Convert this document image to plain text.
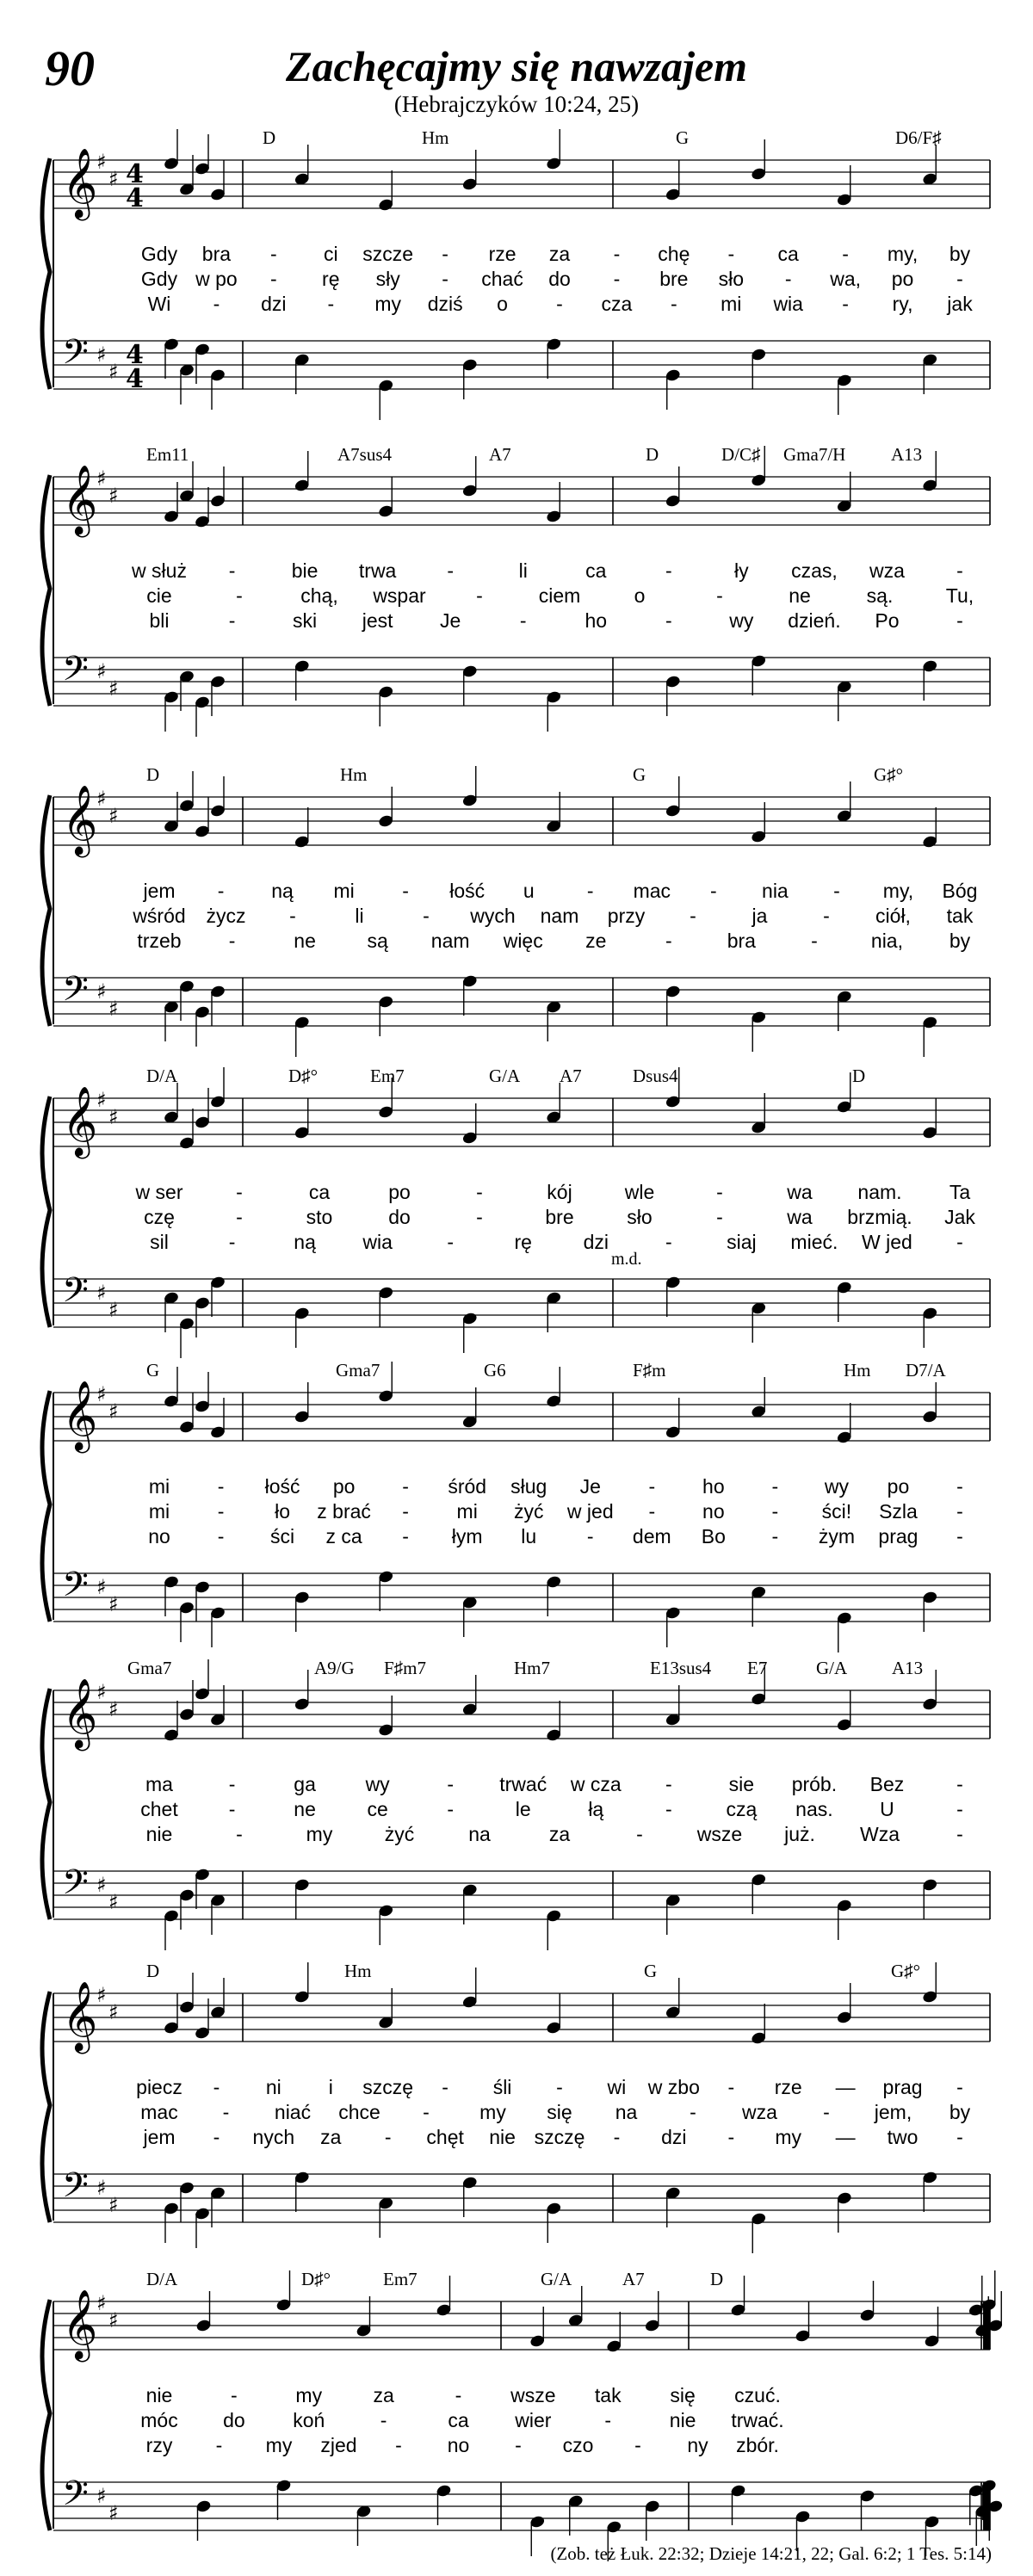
90	Zachęcajmy się nawzajem
(Hebrajczyków 10:24, 25)
𝄞
♯
♯ 4
4
𝄢 ♯
♯
4
4
D	Hm	G	D6/F♯
Gdy bra - ci szcze - rze za - chę - ca - my, by
Gdy w po - rę sły - chać do - bre sło - wa, po -
Wi - dzi - my dziś o - cza - mi wia - ry, jak
𝄞
♯
♯
𝄢 ♯
♯
Em11	A7sus4	A7	D	D/C♯ Gma7/H	A13
w służ -	bie trwa	-	li	ca	-	ły czas, wza	-
cie	-	chą, wspar	-	ciem	o	-	ne	są.	Tu,
bli	-	ski jest Je	-	ho	-	wy dzień. Po	-
𝄞
♯
♯
𝄢 ♯
♯
D	Hm	G	G♯°
jem - ną mi - łość u	- mac - nia - my, Bóg
wśród życz -	li	- wych nam przy -	ja	- ciół, tak
trzeb -	ne	są nam więc ze	-	bra	-	nia, by
𝄞
♯
♯
𝄢 ♯
♯
D/A	D♯°	Em7	G/A A7	Dsus4	D
m.d.
w ser	-	ca	po	-	kój	wle	-	wa nam. Ta
czę	-	sto	do	-	bre	sło	-	wa brzmią. Jak
sil	-	ną wia	-	rę	dzi	-	siaj mieć. W jed -
𝄞
♯
♯
𝄢 ♯
♯
G	Gma7	G6	F♯m	Hm D7/A
mi - łość po - śród sług Je - ho - wy po -
mi -	ło z brać - mi żyć w jed - no - ści! Szla -
no - ści z ca - łym lu	- dem Bo - żym prag -
𝄞
♯
♯
𝄢 ♯
♯
Gma7	A9/G F♯m7	Hm7	E13sus4 E7	G/A A13
ma	-	ga	wy	- trwać w cza -	sie prób. Bez	-
chet	-	ne	ce	-	le	łą	-	czą nas. U	-
nie	-	my	żyć	na	za	-	wsze już. Wza	-
𝄞
♯
♯
𝄢 ♯
♯
D	Hm	G	G♯°
piecz - ni i szczę - śli - wi w zbo - rze — prag -
mac - niać chce -	my się na	- wza - jem, by
jem - nych za - chęt nie szczę - dzi - my — two -
𝄞
♯
♯
𝄢 ♯
♯
D/A	D♯°	Em7	G/A	A7	D
nie	-	my	za	- wsze tak się czuć.
móc do koń	-	ca wier	-	nie trwać.
rzy - my zjed - no - czo - ny zbór.
(Zob. też Łuk. 22:32; Dzieje 14:21, 22; Gal. 6:2; 1 Tes. 5:14)
